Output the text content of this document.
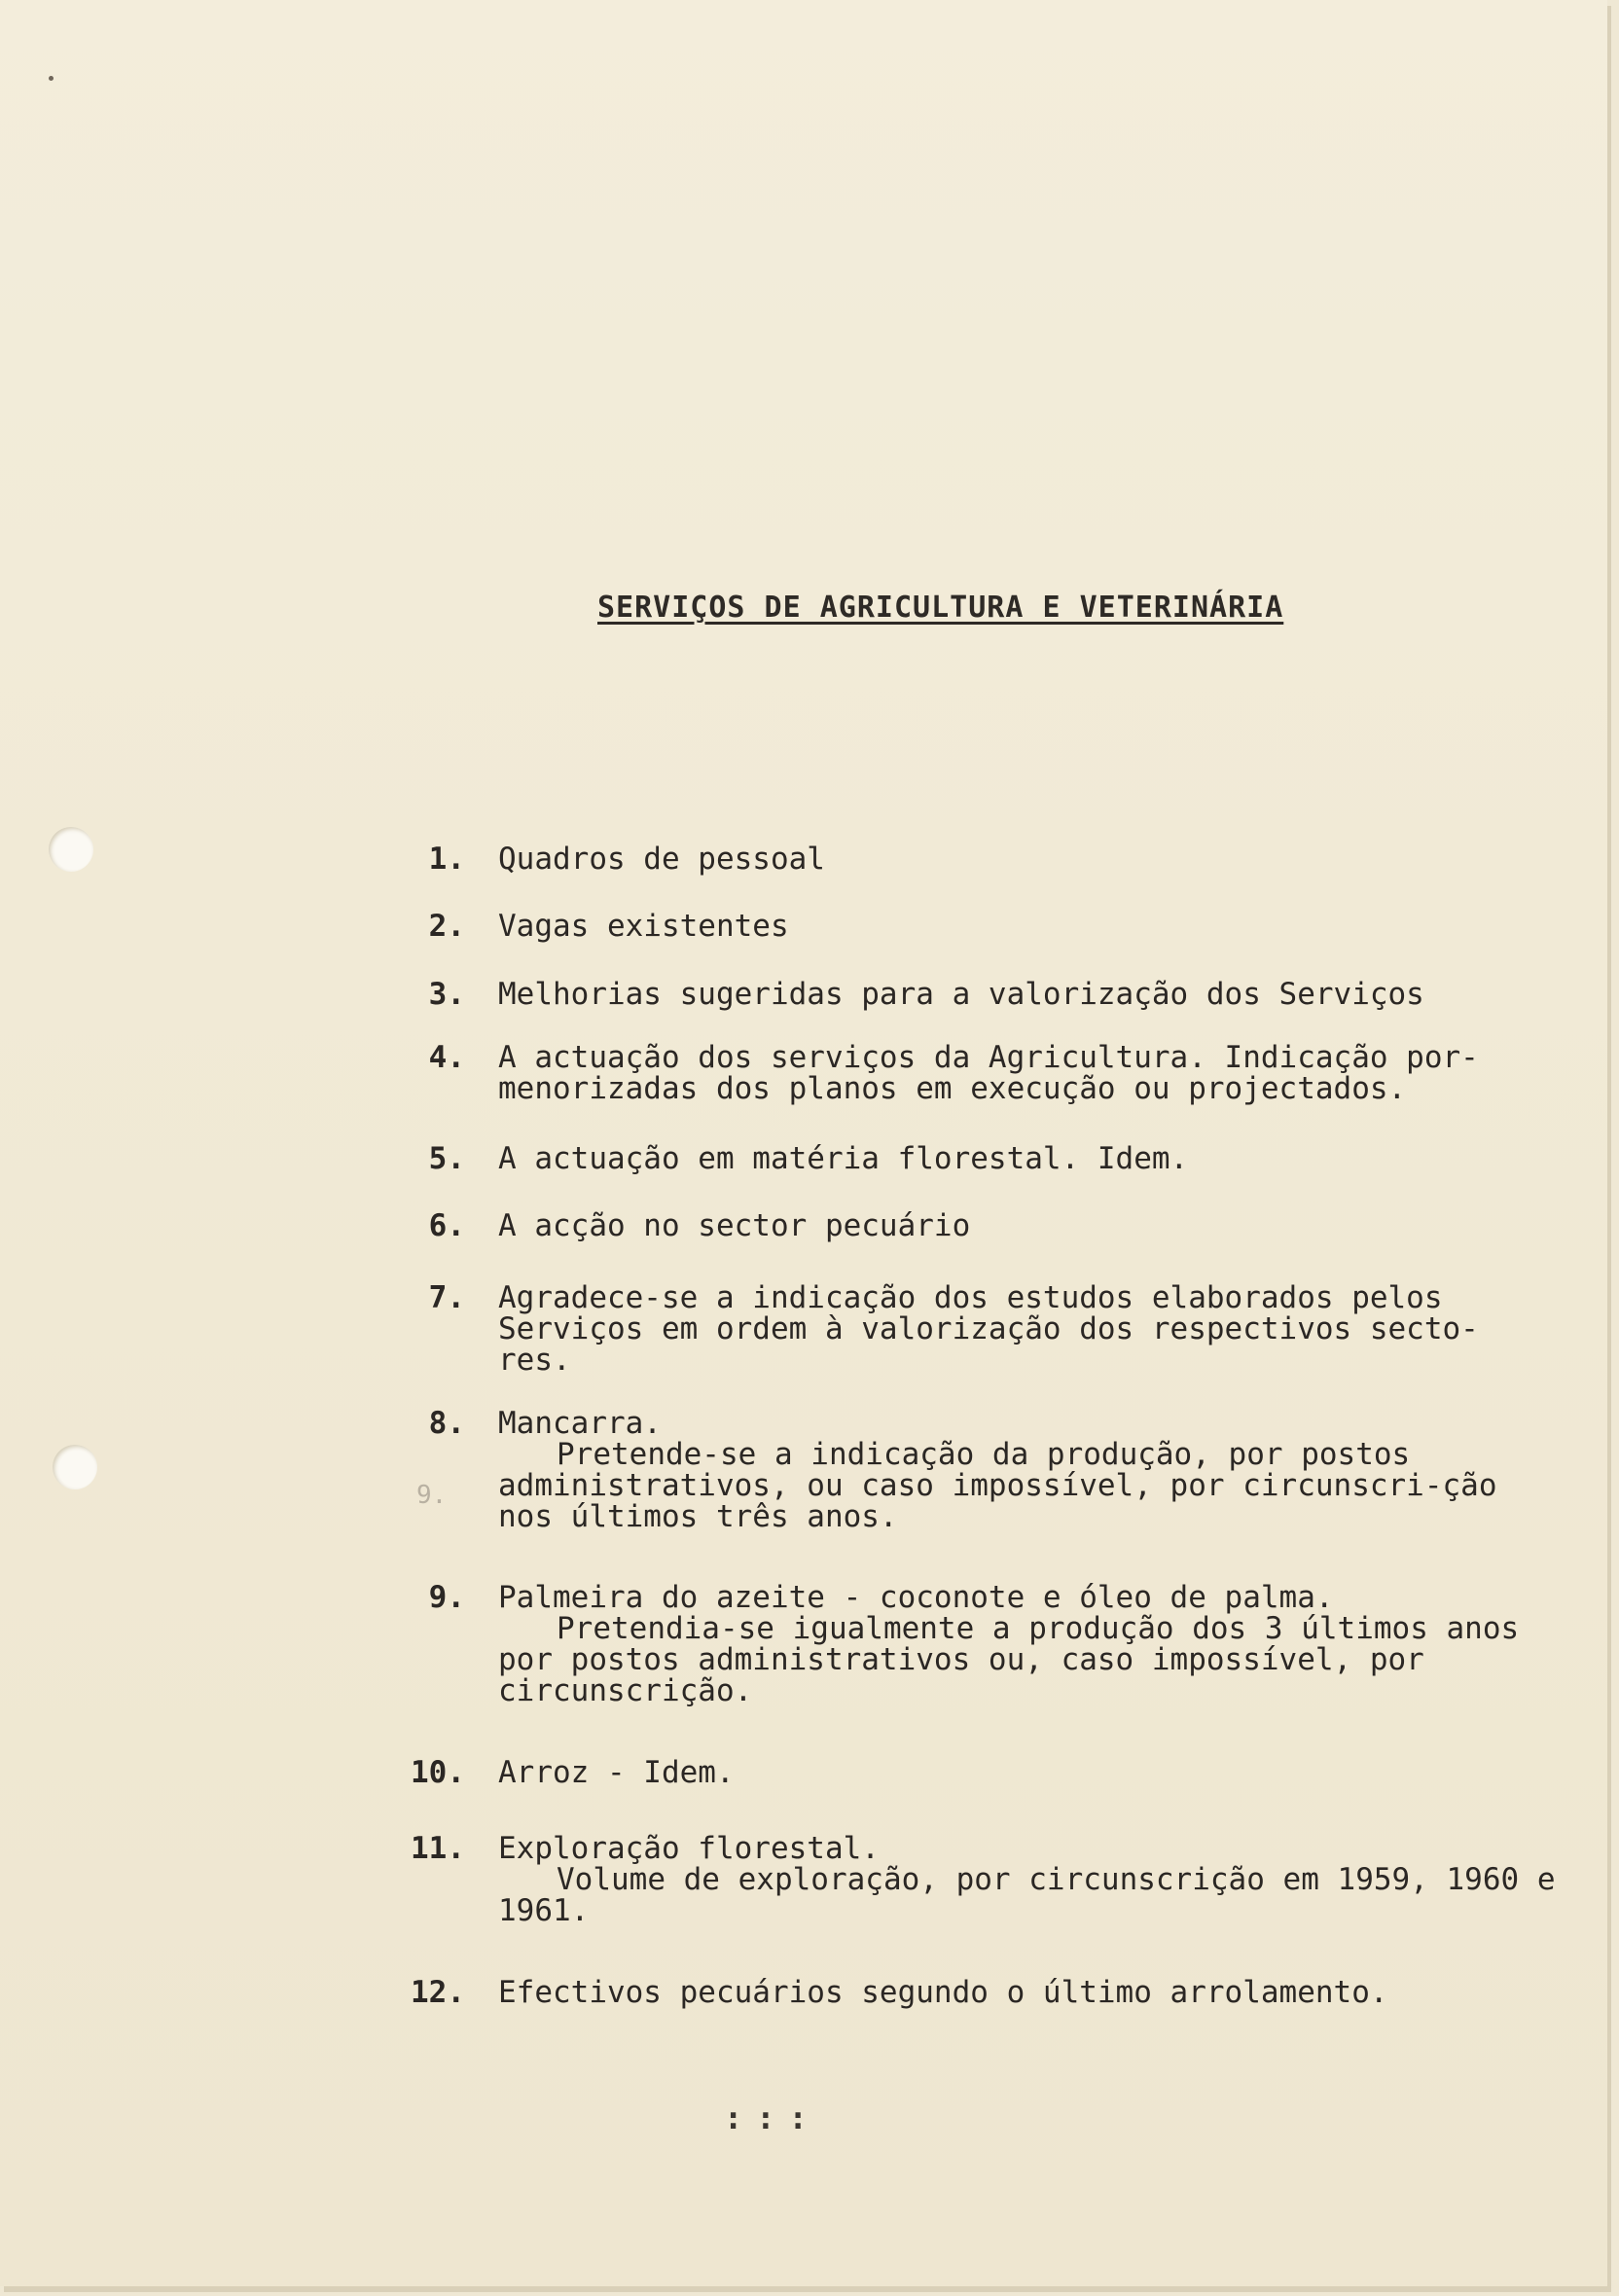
SERVIÇOS DE AGRICULTURA E VETERINÁRIA
1. Quadros de pessoal
2. Vagas existentes
3. Melhorias sugeridas para a valorização dos Serviços
4. A actuação dos serviços da Agricultura. Indicação por-
menorizadas dos planos em execução ou projectados.
5. A actuação em matéria florestal. Idem.
6. A acção no sector pecuário
7. Agradece-se a indicação dos estudos elaborados pelos
Serviços em ordem à valorização dos respectivos secto-
res.
8. Mancarra.
Pretende-se a indicação da produção, por postos administrativos, ou caso impossível, por circunscri-ção nos últimos três anos.
9.
9. Palmeira do azeite - coconote e óleo de palma.
Pretendia-se igualmente a produção dos 3 últimos anos por postos administrativos ou, caso impossível, por circunscrição.
10. Arroz - Idem.
11. Exploração florestal.
Volume de exploração, por circunscrição em 1959, 1960 e 1961.
12. Efectivos pecuários segundo o último arrolamento.
:::
